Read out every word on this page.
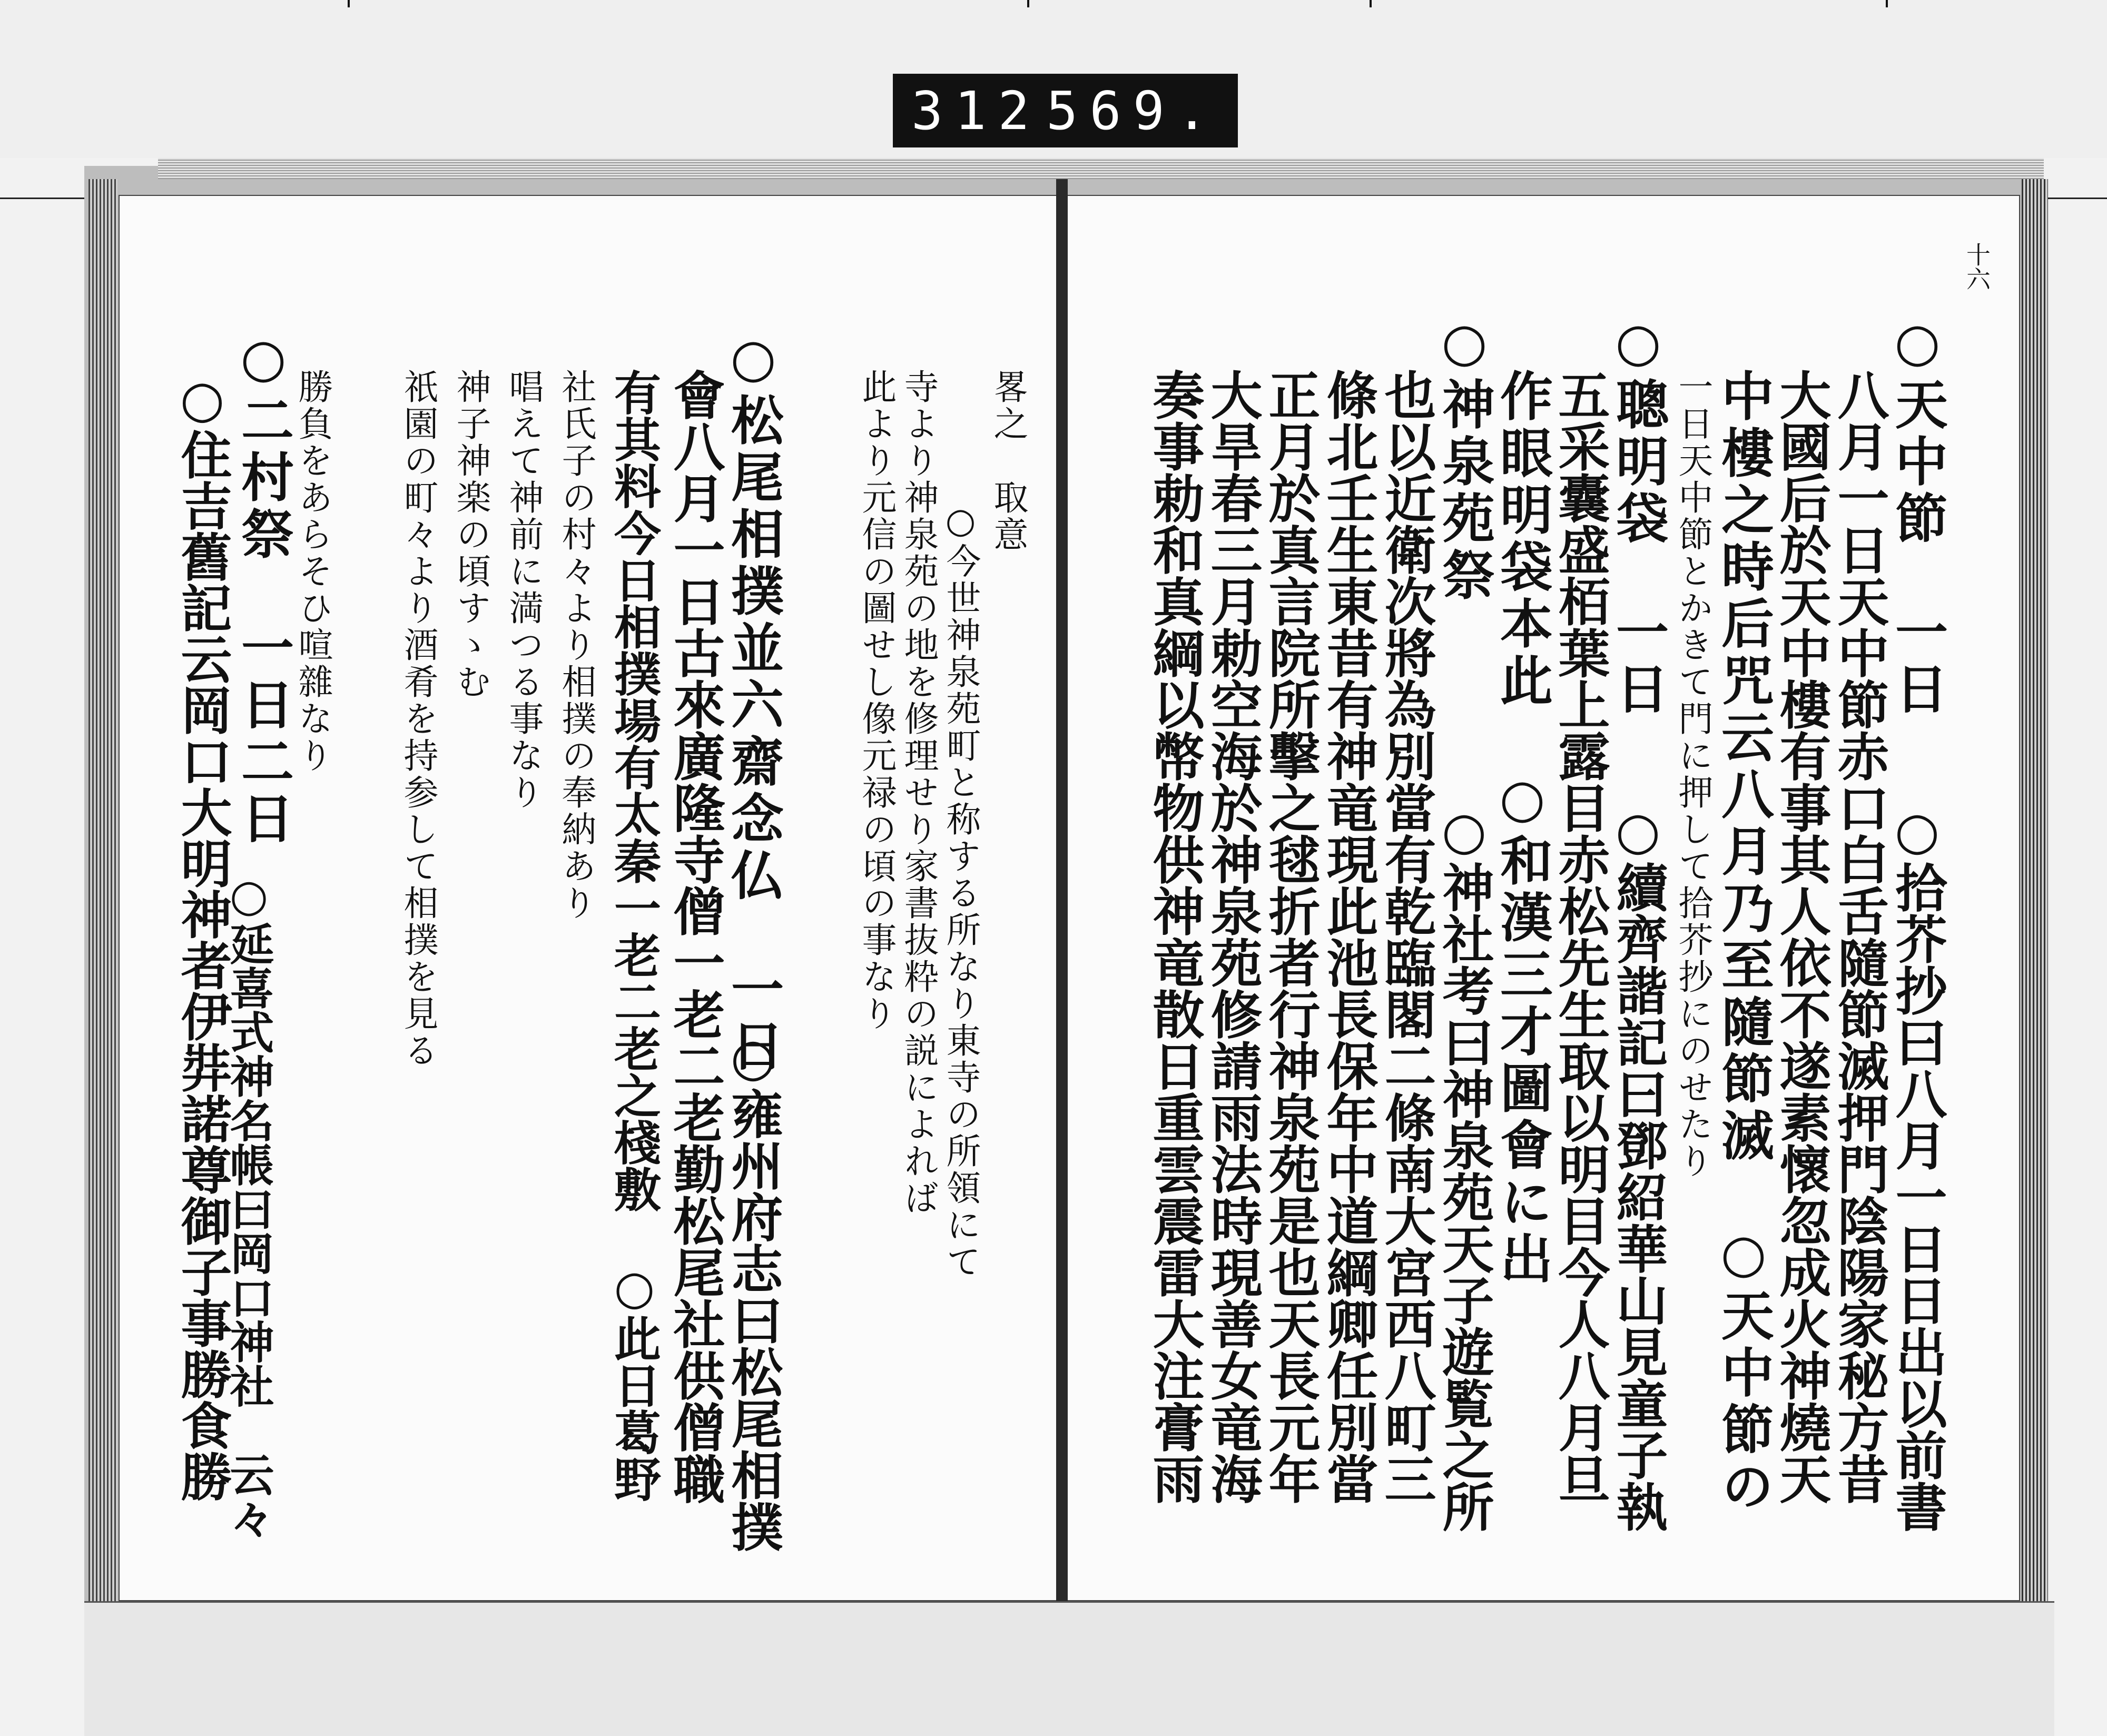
312 569.
十六
○天中節　一日
八月一日天中節赤口白舌隨節滅押門陰陽家秘方昔
大國后於天中樓有事其人依不遂素懷忽成火神燒天
中樓之時后咒云八月乃至隨節滅　○天中節の
一日天中節とかきて門に押して拾芥抄にのせたり
○聰明袋　一日
五采囊盛栢葉上露目赤松先生取以明目今人八月旦
作眼明袋本此　○和漢三才圖會に出
○神泉苑祭
也以近衛次將為別當有乾臨閣二條南大宮西八町三
條北壬生東昔有神竜現此池長保年中道綱卿任別當
正月於真言院所擊之毬折者行神泉苑是也天長元年
大旱春三月勅空海於神泉苑修請雨法時現善女竜海
奏事勅和真綱以幣物供神竜散日重雲震雷大注膏雨
畧之　取意
○今世神泉苑町と称する所なり東寺の所領にて
寺より神泉苑の地を修理せり家書抜粋の説によれば
此より元信の圖せし像元禄の頃の事なり
○松尾相撲並六齋念仏　一日
會八月一日古來廣隆寺僧一老二老勤松尾社供僧職
有其料今日相撲場有太秦一老二老之棧敷　○此日葛野
社氏子の村々より相撲の奉納あり
○雍州府志曰松尾相撲
唱えて神前に満つる事なり
神子神楽の頃すゝむ
祇園の町々より酒肴を持参して相撲を見る
○二村祭　一日二日
勝負をあらそひ喧雜なり
○住吉舊記云岡口大明神者伊弉諾尊御子事勝食勝
○延喜式神名帳曰岡口神社　云々	○拾芥抄曰八月一日日出以前書
○續齊諧記曰鄧紹華山見童子執
○神社考曰神泉苑天子遊覧之所
